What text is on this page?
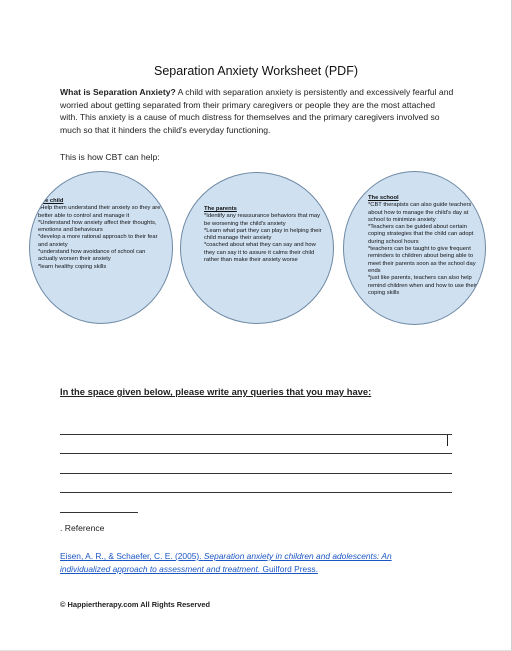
Separation Anxiety Worksheet (PDF)
What is Separation Anxiety? A child with separation anxiety is persistently and excessively fearful and worried about getting separated from their primary caregivers or people they are the most attached with. This anxiety is a cause of much distress for themselves and the primary caregivers involved so much so that it hinders the child's everyday functioning.
This is how CBT can help:
The child
*Help them understand their anxiety so they are better able to control and manage it
*Understand how anxiety affect their thoughts, emotions and behaviours
*develop a more rational approach to their fear and anxiety
*understand how avoidance of school can actually worsen their anxiety
*learn healthy coping skills
The parents
*Identify any reassurance behaviors that may be worsening the child's anxiety
*Learn what part they can play in helping their child manage their anxiety
*coached about what they can say and how they can say it to assure it calms their child rather than make their anxiety worse
The school
*CBT therapists can also guide teachers about how to manage the child's day at school to minimize anxiety
*Teachers can be guided about certain coping strategies that the child can adopt during school hours
*teachers can be taught to give frequent reminders to children about being able to meet their parents soon as the school day ends
*just like parents, teachers can also help remind children when and how to use their coping skills
In the space given below, please write any queries that you may have:
. Reference
Eisen, A. R., & Schaefer, C. E. (2005). Separation anxiety in children and adolescents: An individualized approach to assessment and treatment. Guilford Press.
© Happiertherapy.com All Rights Reserved
